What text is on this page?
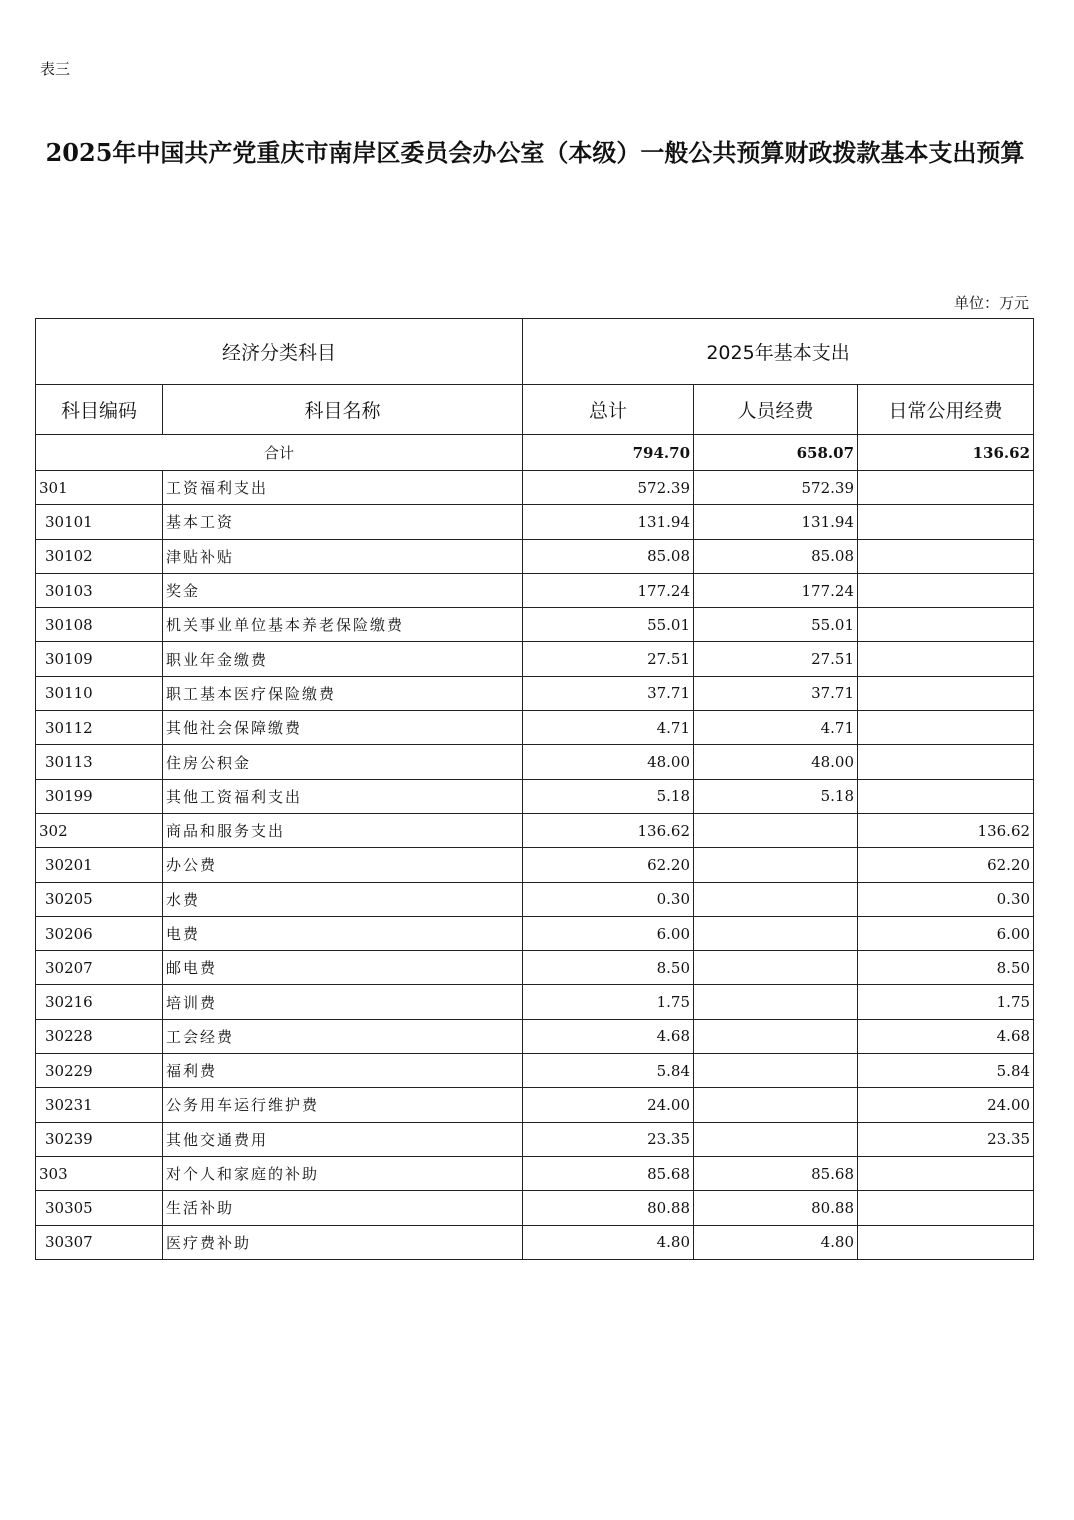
表三
2025年中国共产党重庆市南岸区委员会办公室（本级）一般公共预算财政拨款基本支出预算
单位：万元
经济分类科目		2025年基本支出		
科目编码	科目名称	总计	人员经费	日常公用经费
合计		794.70	658.07	136.62
301	工资福利支出	572.39	572.39	
30101	基本工资	131.94	131.94	
30102	津贴补贴	85.08	85.08	
30103	奖金	177.24	177.24	
30108	机关事业单位基本养老保险缴费	55.01	55.01	
30109	职业年金缴费	27.51	27.51	
30110	职工基本医疗保险缴费	37.71	37.71	
30112	其他社会保障缴费	4.71	4.71	
30113	住房公积金	48.00	48.00	
30199	其他工资福利支出	5.18	5.18	
302	商品和服务支出	136.62		136.62
30201	办公费	62.20		62.20
30205	水费	0.30		0.30
30206	电费	6.00		6.00
30207	邮电费	8.50		8.50
30216	培训费	1.75		1.75
30228	工会经费	4.68		4.68
30229	福利费	5.84		5.84
30231	公务用车运行维护费	24.00		24.00
30239	其他交通费用	23.35		23.35
303	对个人和家庭的补助	85.68	85.68	
30305	生活补助	80.88	80.88	
30307	医疗费补助	4.80	4.80	
